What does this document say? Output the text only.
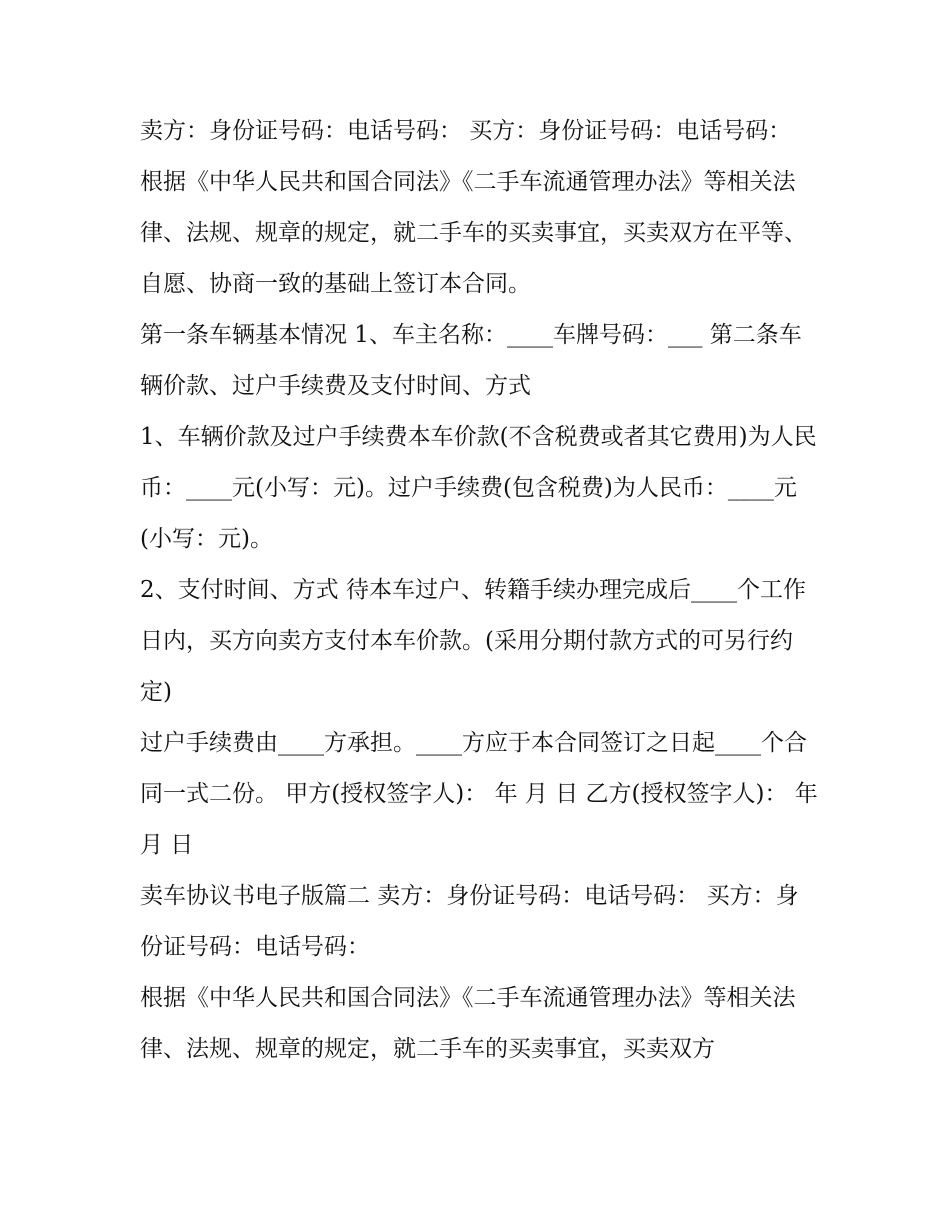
卖方：身份证号码：电话号码： 买方：身份证号码：电话号码：

根据《中华人民共和国合同法》《二手车流通管理办法》等相关法律、法规、规章的规定，就二手车的买卖事宜，买卖双方在平等、自愿、协商一致的基础上签订本合同。

第一条车辆基本情况 1、车主名称：____车牌号码：___ 第二条车辆价款、过户手续费及支付时间、方式

1、车辆价款及过户手续费本车价款(不含税费或者其它费用)为人民币：____元(小写：元)。过户手续费(包含税费)为人民币：____元(小写：元)。

2、支付时间、方式 待本车过户、转籍手续办理完成后____个工作日内，买方向卖方支付本车价款。(采用分期付款方式的可另行约定)

过户手续费由____方承担。____方应于本合同签订之日起____个合同一式二份。 甲方(授权签字人)： 年 月 日 乙方(授权签字人)： 年 月 日

卖车协议书电子版篇二 卖方：身份证号码：电话号码： 买方：身份证号码：电话号码：

根据《中华人民共和国合同法》《二手车流通管理办法》等相关法律、法规、规章的规定，就二手车的买卖事宜，买卖双方
